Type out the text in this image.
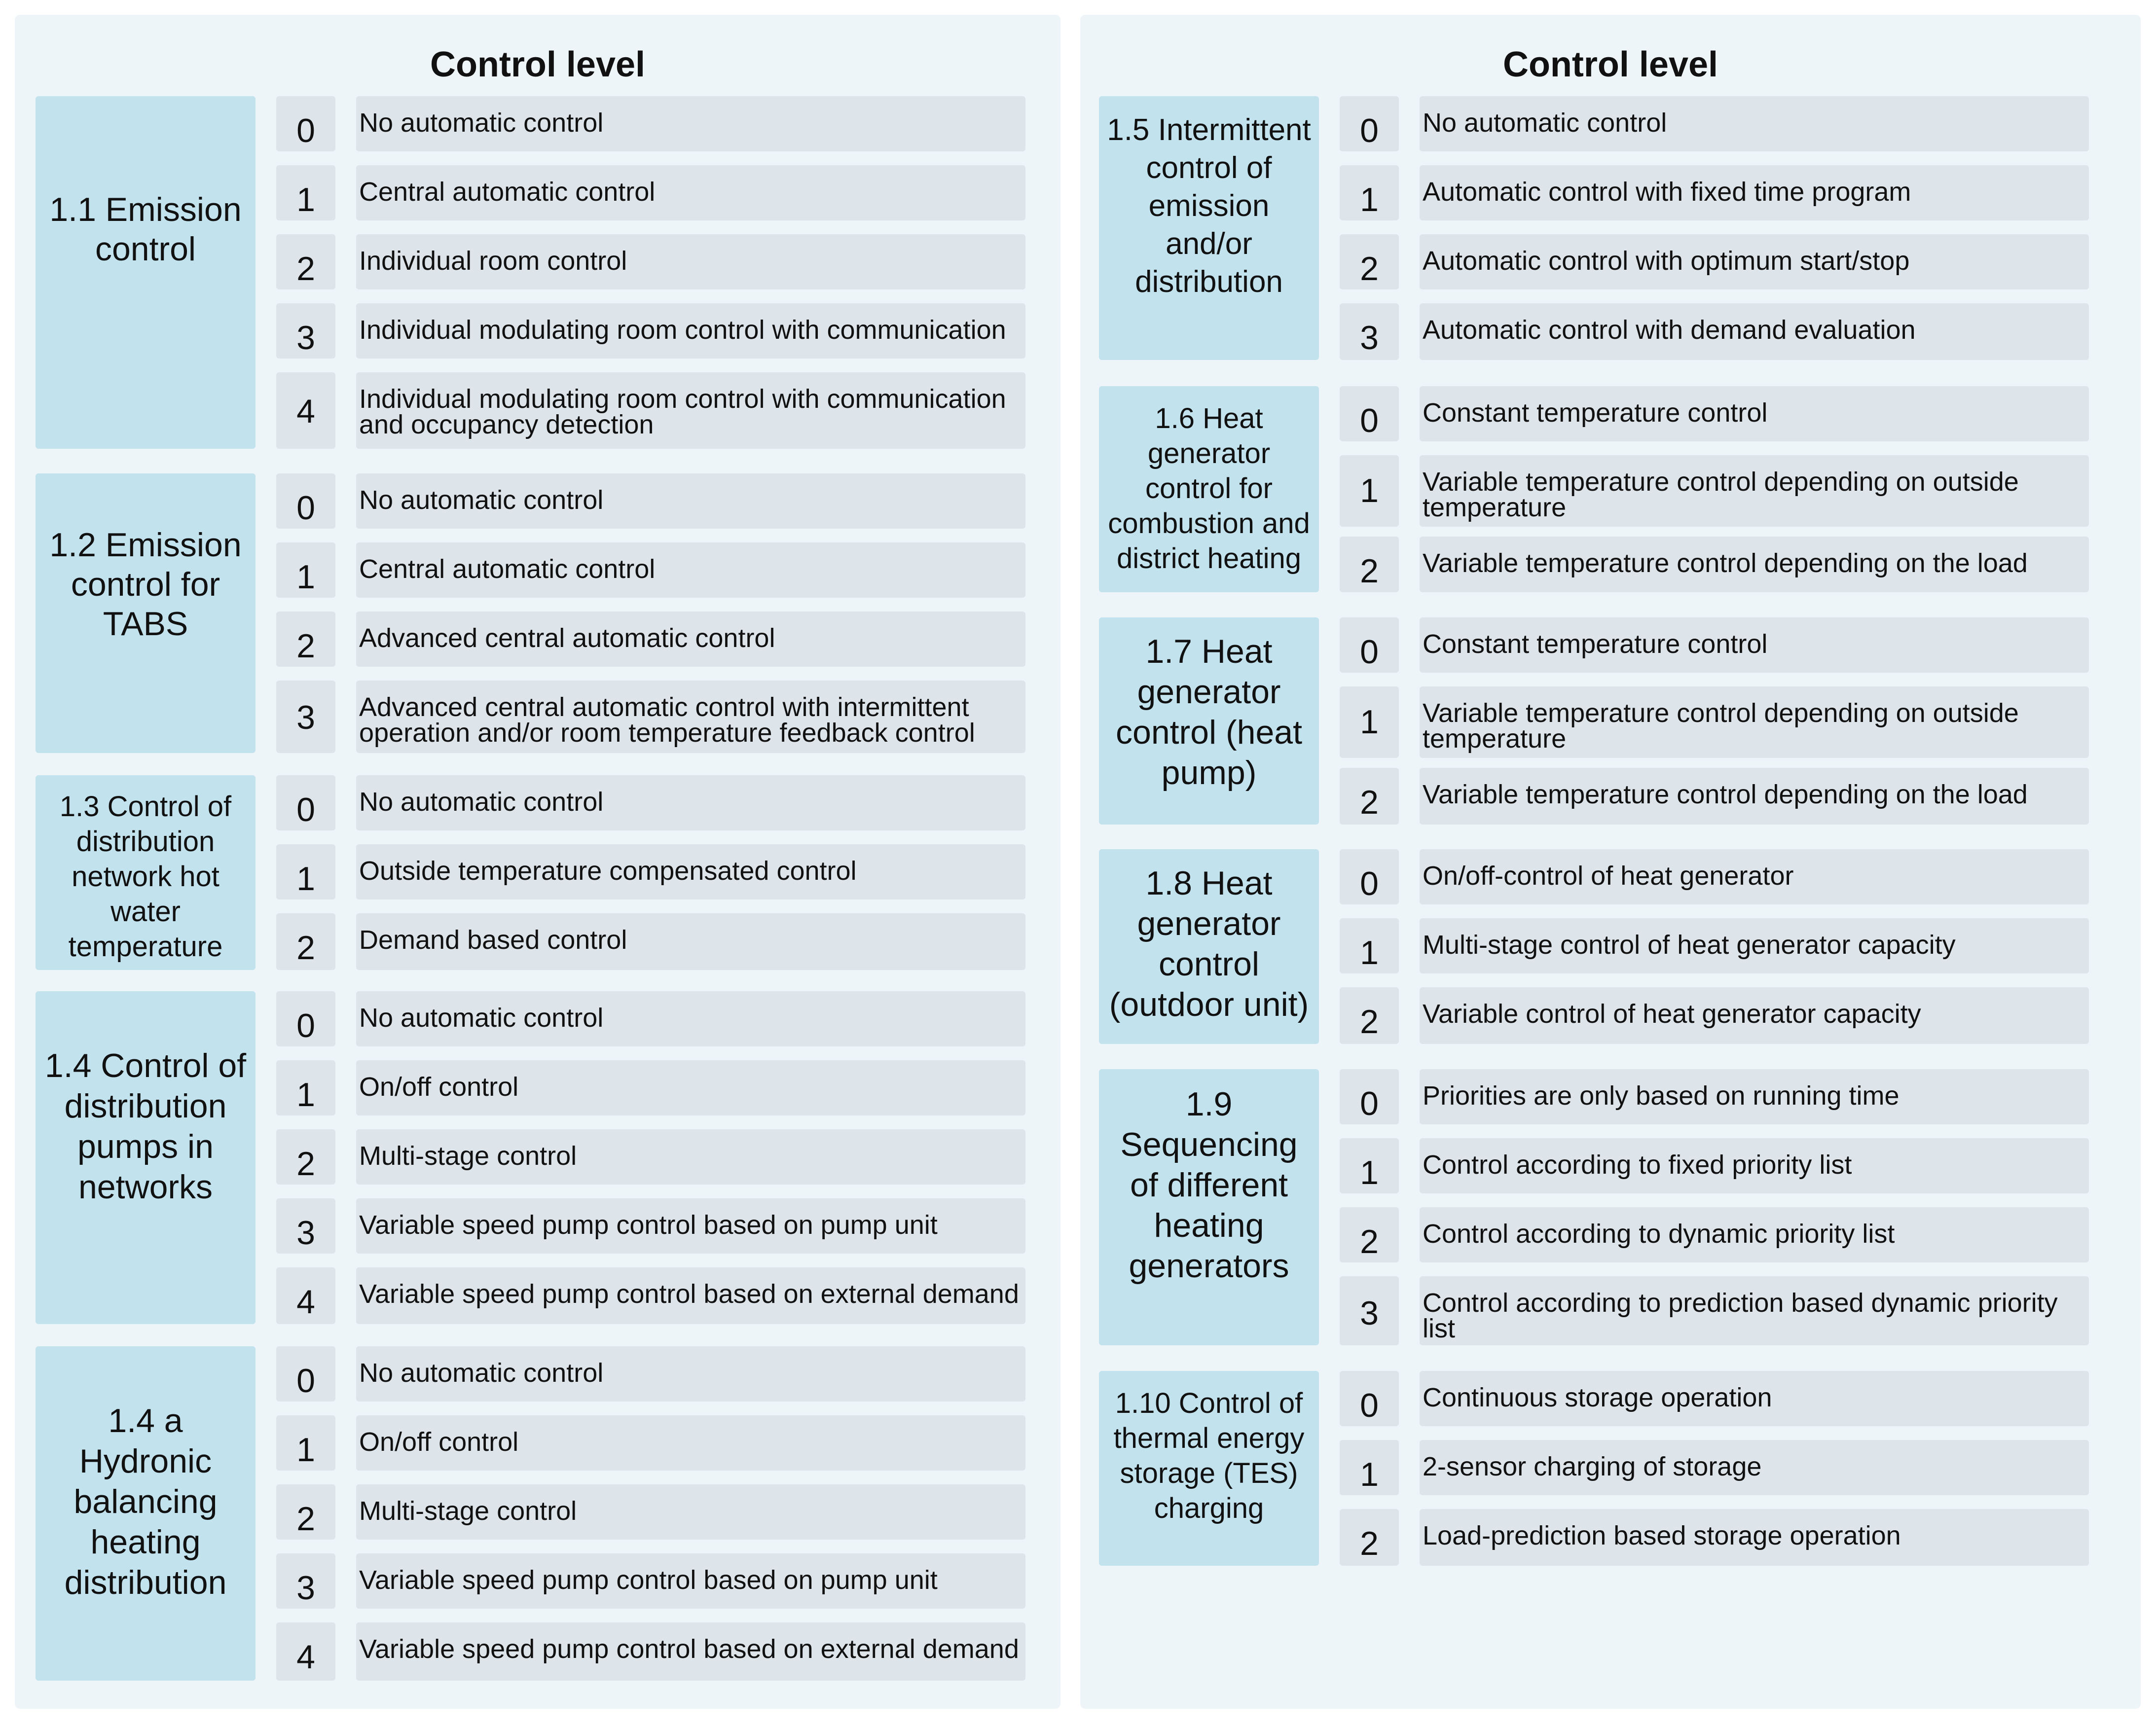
Control level	Control level
1.1 Emission control
0	No automatic control
1	Central automatic control
2	Individual room control
3	Individual modulating room control with communication
4	Individual modulating room control with communication and occupancy detection
1.2 Emission control for TABS
0	No automatic control
1	Central automatic control
2	Advanced central automatic control
3	Advanced central automatic control with intermittent operation and/or room temperature feedback control
1.3 Control of distribution network hot water temperature
0	No automatic control
1	Outside temperature compensated control
2	Demand based control
1.4 Control of distribution pumps in networks
0	No automatic control
1	On/off control
2	Multi-stage control
3	Variable speed pump control based on pump unit
4	Variable speed pump control based on external demand
1.4 a Hydronic balancing heating distribution
0	No automatic control
1	On/off control
2	Multi-stage control
3	Variable speed pump control based on pump unit
4	Variable speed pump control based on external demand
1.5 Intermittent control of emission and/or distribution
0	No automatic control
1	Automatic control with fixed time program
2	Automatic control with optimum start/stop
3	Automatic control with demand evaluation
1.6 Heat generator control for combustion and district heating
0	Constant temperature control
1	Variable temperature control depending on outside temperature
2	Variable temperature control depending on the load
1.7 Heat generator control (heat pump)
0	Constant temperature control
1	Variable temperature control depending on outside temperature
2	Variable temperature control depending on the load
1.8 Heat generator control (outdoor unit)
0	On/off-control of heat generator
1	Multi-stage control of heat generator capacity
2	Variable control of heat generator capacity
1.9 Sequencing of different heating generators
0	Priorities are only based on running time
1	Control according to fixed priority list
2	Control according to dynamic priority list
3	Control according to prediction based dynamic priority list
1.10 Control of thermal energy storage (TES) charging
0	Continuous storage operation
1	2-sensor charging of storage
2	Load-prediction based storage operation
